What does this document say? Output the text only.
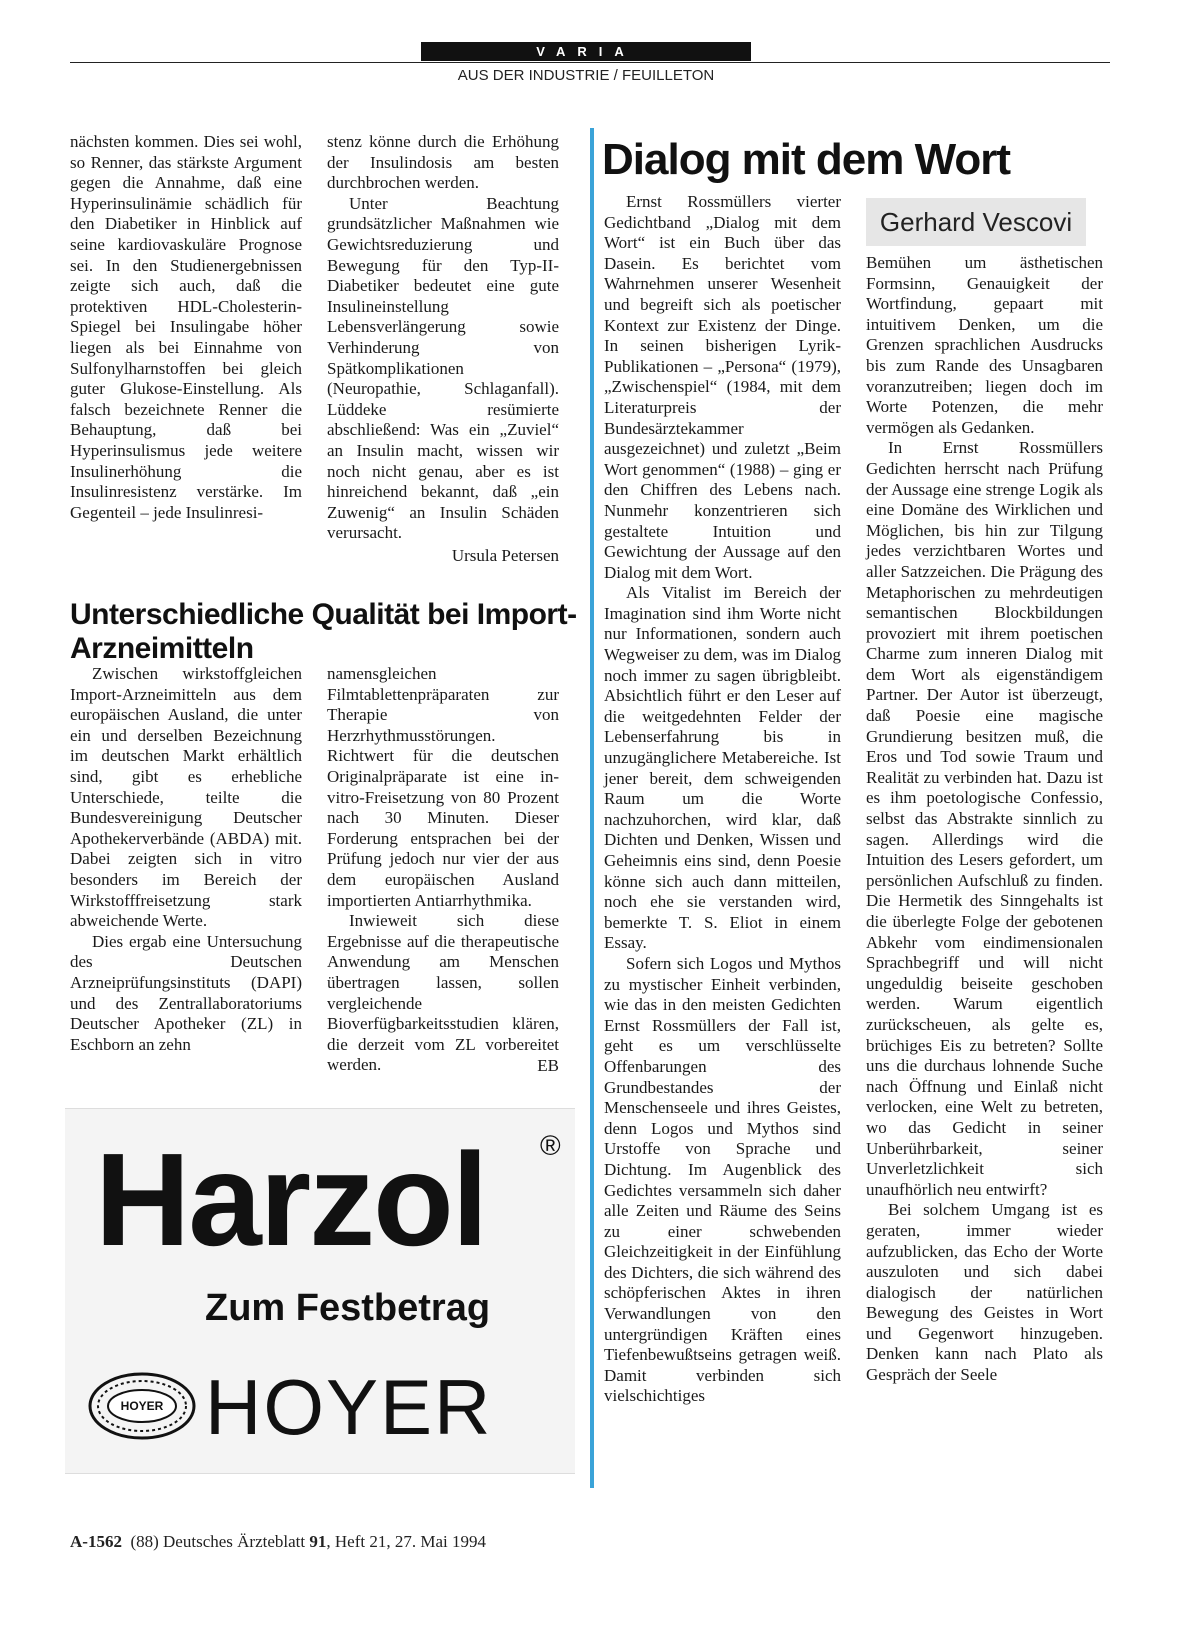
VARIA
AUS DER INDUSTRIE / FEUILLETON

nächsten kommen. Dies sei wohl, so Renner, das stärkste Argument gegen die Annahme, daß eine Hyperinsulinämie schädlich für den Diabetiker in Hinblick auf seine kardiovaskuläre Prognose sei. In den Studienergebnissen zeigte sich auch, daß die protektiven HDL-Cholesterin-Spiegel bei Insulingabe höher liegen als bei Einnahme von Sulfonylharnstoffen bei gleich guter Glukose-Einstellung. Als falsch bezeichnete Renner die Behauptung, daß bei Hyperinsulismus jede weitere Insulinerhöhung die Insulinresistenz verstärke. Im Gegenteil – jede Insulinresi-

stenz könne durch die Erhöhung der Insulindosis am besten durchbrochen werden.

Unter Beachtung grundsätzlicher Maßnahmen wie Gewichtsreduzierung und Bewegung für den Typ-II-Diabetiker bedeutet eine gute Insulineinstellung Lebensverlängerung sowie Verhinderung von Spätkomplikationen (Neuropathie, Schlaganfall). Lüddeke resümierte abschließend: Was ein „Zuviel“ an Insulin macht, wissen wir noch nicht genau, aber es ist hinreichend bekannt, daß „ein Zuwenig“ an Insulin Schäden verursacht.

Ursula Petersen

Unterschiedliche Qualität bei Import-Arzneimitteln

Zwischen wirkstoffgleichen Import-Arzneimitteln aus dem europäischen Ausland, die unter ein und derselben Bezeichnung im deutschen Markt erhältlich sind, gibt es erhebliche Unterschiede, teilte die Bundesvereinigung Deutscher Apothekerverbände (ABDA) mit. Dabei zeigten sich in vitro besonders im Bereich der Wirkstofffreisetzung stark abweichende Werte.

Dies ergab eine Untersuchung des Deutschen Arzneiprüfungsinstituts (DAPI) und des Zentrallaboratoriums Deutscher Apotheker (ZL) in Eschborn an zehn

namensgleichen Filmtablettenpräparaten zur Therapie von Herzrhythmusstörungen. Richtwert für die deutschen Originalpräparate ist eine in-vitro-Freisetzung von 80 Prozent nach 30 Minuten. Dieser Forderung entsprachen bei der Prüfung jedoch nur vier der aus dem europäischen Ausland importierten Antiarrhythmika.

Inwieweit sich diese Ergebnisse auf die therapeutische Anwendung am Menschen übertragen lassen, sollen vergleichende Bioverfügbarkeitsstudien klären, die derzeit vom ZL vorbereitet werden.	EB

Harzol ®
Zum Festbetrag
HOYER HOYER
Dialog mit dem Wort
Gerhard Vescovi

Ernst Rossmüllers vierter Gedichtband „Dialog mit dem Wort“ ist ein Buch über das Dasein. Es berichtet vom Wahrnehmen unserer Wesenheit und begreift sich als poetischer Kontext zur Existenz der Dinge. In seinen bisherigen Lyrik-Publikationen – „Persona“ (1979), „Zwischenspiel“ (1984, mit dem Literaturpreis der Bundesärztekammer ausgezeichnet) und zuletzt „Beim Wort genommen“ (1988) – ging er den Chiffren des Lebens nach. Nunmehr konzentrieren sich gestaltete Intuition und Gewichtung der Aussage auf den Dialog mit dem Wort.

Als Vitalist im Bereich der Imagination sind ihm Worte nicht nur Informationen, sondern auch Wegweiser zu dem, was im Dialog noch immer zu sagen übrigbleibt. Absichtlich führt er den Leser auf die weitgedehnten Felder der Lebenserfahrung bis in unzugänglichere Metabereiche. Ist jener bereit, dem schweigenden Raum um die Worte nachzuhorchen, wird klar, daß Dichten und Denken, Wissen und Geheimnis eins sind, denn Poesie könne sich auch dann mitteilen, noch ehe sie verstanden wird, bemerkte T. S. Eliot in einem Essay.

Sofern sich Logos und Mythos zu mystischer Einheit verbinden, wie das in den meisten Gedichten Ernst Rossmüllers der Fall ist, geht es um verschlüsselte Offenbarungen des Grundbestandes der Menschenseele und ihres Geistes, denn Logos und Mythos sind Urstoffe von Sprache und Dichtung. Im Augenblick des Gedichtes versammeln sich daher alle Zeiten und Räume des Seins zu einer schwebenden Gleichzeitigkeit in der Einfühlung des Dichters, die sich während des schöpferischen Aktes in ihren Verwandlungen von den untergründigen Kräften eines Tiefenbewußtseins getragen weiß. Damit verbinden sich vielschichtiges

Bemühen um ästhetischen Formsinn, Genauigkeit der Wortfindung, gepaart mit intuitivem Denken, um die Grenzen sprachlichen Ausdrucks bis zum Rande des Unsagbaren voranzutreiben; liegen doch im Worte Potenzen, die mehr vermögen als Gedanken.

In Ernst Rossmüllers Gedichten herrscht nach Prüfung der Aussage eine strenge Logik als eine Domäne des Wirklichen und Möglichen, bis hin zur Tilgung jedes verzichtbaren Wortes und aller Satzzeichen. Die Prägung des Metaphorischen zu mehrdeutigen semantischen Blockbildungen provoziert mit ihrem poetischen Charme zum inneren Dialog mit dem Wort als eigenständigem Partner. Der Autor ist überzeugt, daß Poesie eine magische Grundierung besitzen muß, die Eros und Tod sowie Traum und Realität zu verbinden hat. Dazu ist es ihm poetologische Confessio, selbst das Abstrakte sinnlich zu sagen. Allerdings wird die Intuition des Lesers gefordert, um persönlichen Aufschluß zu finden. Die Hermetik des Sinngehalts ist die überlegte Folge der gebotenen Abkehr vom eindimensionalen Sprachbegriff und will nicht ungeduldig beiseite geschoben werden. Warum eigentlich zurückscheuen, als gelte es, brüchiges Eis zu betreten? Sollte uns die durchaus lohnende Suche nach Öffnung und Einlaß nicht verlocken, eine Welt zu betreten, wo das Gedicht in seiner Unberührbarkeit, seiner Unverletzlichkeit sich unaufhörlich neu entwirft?

Bei solchem Umgang ist es geraten, immer wieder aufzublicken, das Echo der Worte auszuloten und sich dabei dialogisch der natürlichen Bewegung des Geistes in Wort und Gegenwort hinzugeben. Denken kann nach Plato als Gespräch der Seele

A-1562 (88) Deutsches Ärzteblatt 91, Heft 21, 27. Mai 1994
